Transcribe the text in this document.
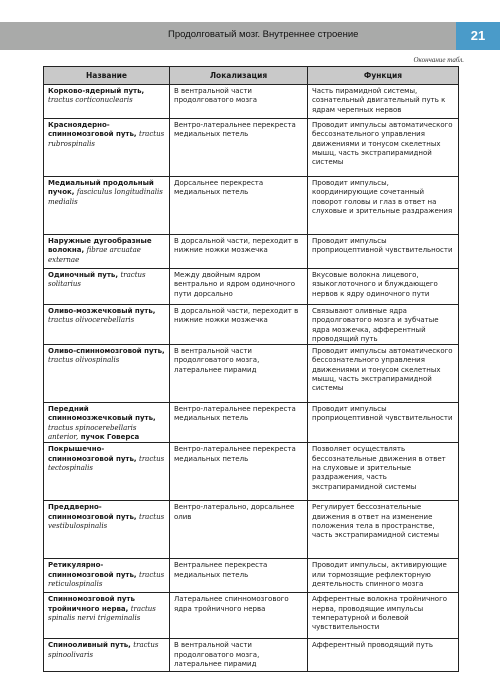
Продолговатый мозг. Внутреннее строение	21
Окончание табл.
Название	Локализация	Функция
Корково-ядерный путь, tractus corticonuclearis	В вентральной части продолговатого мозга	Часть пирамидной системы, сознательный двигательный путь к ядрам черепных нервов
Красноядерно-спинномозговой путь, tractus rubrospinalis	Вентро-латеральнее перекреста медиальных петель	Проводит импульсы автоматического бессознательного управления движениями и тонусом скелетных мышц, часть экстрапирамидной системы
Медиальный продольный пучок, fasciculus longitudinalis medialis	Дорсальнее перекреста медиальных петель	Проводит импульсы, координирующие сочетанный поворот головы и глаз в ответ на слуховые и зрительные раздражения
Наружные дугообразные волокна, fibrae arcuatae externae	В дорсальной части, переходит в нижние ножки мозжечка	Проводит импульсы проприоцептивной чувствительности
Одиночный путь, tractus solitarius	Между двойным ядром вентрально и ядром одиночного пути дорсально	Вкусовые волокна лицевого, языкоглоточного и блуждающего нервов к ядру одиночного пути
Оливо-мозжечковый путь, tractus olivocerebellaris	В дорсальной части, переходит в нижние ножки мозжечка	Связывают оливные ядра продолговатого мозга и зубчатые ядра мозжечка, афферентный проводящий путь
Оливо-спинномозговой путь, tractus olivospinalis	В вентральной части продолговатого мозга, латеральнее пирамид	Проводит импульсы автоматического бессознательного управления движениями и тонусом скелетных мышц, часть экстрапирамидной системы
Передний спинномозжечковый путь, tractus spinocerebellaris anterior, пучок Говерса	Вентро-латеральнее перекреста медиальных петель	Проводит импульсы проприоцептивной чувствительности
Покрышечно-спинномозговой путь, tractus tectospinalis	Вентро-латеральнее перекреста медиальных петель	Позволяет осуществлять бессознательные движения в ответ на слуховые и зрительные раздражения, часть экстрапирамидной системы
Преддверно-спинномозговой путь, tractus vestibulospinalis	Вентро-латерально, дорсальнее олив	Регулирует бессознательные движения в ответ на изменение положения тела в пространстве, часть экстрапирамидной системы
Ретикулярно-спинномозговой путь, tractus reticulospinalis	Вентральнее перекреста медиальных петель	Проводит импульсы, активирующие или тормозящие рефлекторную деятельность спинного мозга
Спинномозговой путь тройничного нерва, tractus spinalis nervi trigeminalis	Латеральнее спинномозгового ядра тройничного нерва	Афферентные волокна тройничного нерва, проводящие импульсы температурной и болевой чувствительности
Спинооливный путь, tractus spinoolivaris	В вентральной части продолговатого мозга, латеральнее пирамид	Афферентный проводящий путь
